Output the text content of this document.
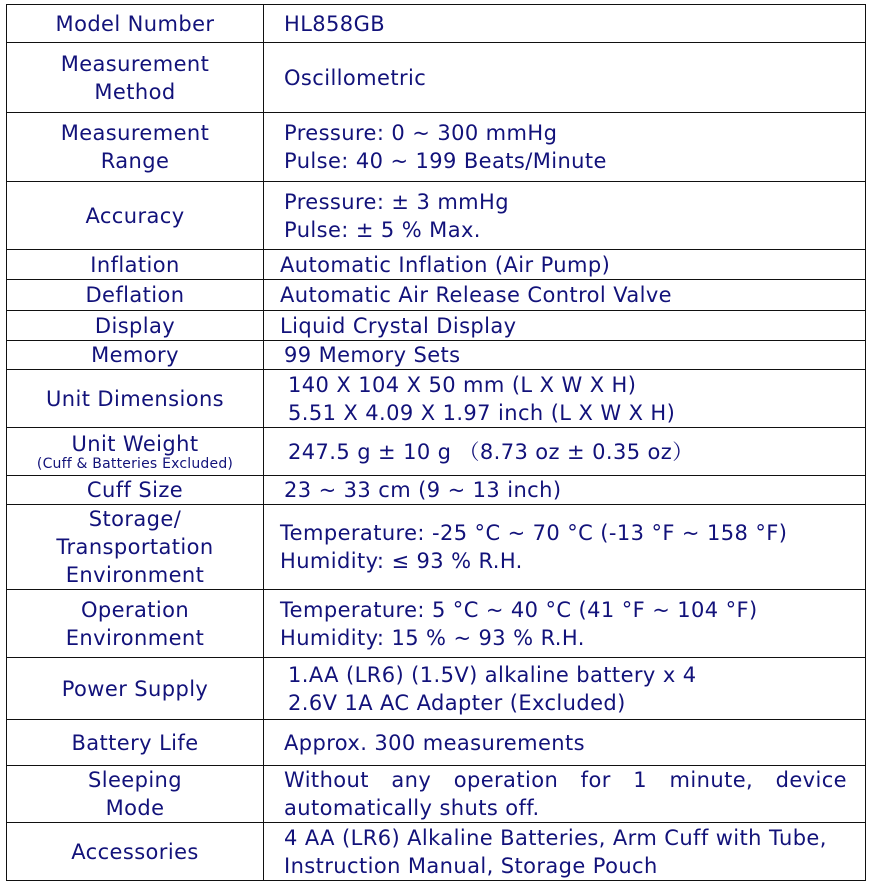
Model Number	HL858GB

Measurement
Method	Oscillometric

Measurement
Range	Pressure: 0 ~ 300 mmHg
Pulse: 40 ~ 199 Beats/Minute

Accuracy	Pressure: ± 3 mmHg
Pulse: ± 5 % Max.

Inflation	Automatic Inflation (Air Pump)

Deflation	Automatic Air Release Control Valve

Display	Liquid Crystal Display

Memory	99 Memory Sets

Unit Dimensions	140 X 104 X 50 mm (L X W X H)
5.51 X 4.09 X 1.97 inch (L X W X H)

Unit Weight
(Cuff & Batteries Excluded)	247.5 g ± 10 g （8.73 oz ± 0.35 oz）

Cuff Size	23 ~ 33 cm (9 ~ 13 inch)

Storage/
Transportation
Environment	Temperature: -25 °C ~ 70 °C (-13 °F ~ 158 °F)
Humidity: ≤ 93 % R.H.

Operation
Environment	Temperature: 5 °C ~ 40 °C (41 °F ~ 104 °F)
Humidity: 15 % ~ 93 % R.H.

Power Supply	1.AA (LR6) (1.5V) alkaline battery x 4
2.6V 1A AC Adapter (Excluded)

Battery Life	Approx. 300 measurements

Sleeping
Mode	Without any operation for 1 minute, device
automatically shuts off.

Accessories	4 AA (LR6) Alkaline Batteries, Arm Cuff with Tube,
Instruction Manual, Storage Pouch
